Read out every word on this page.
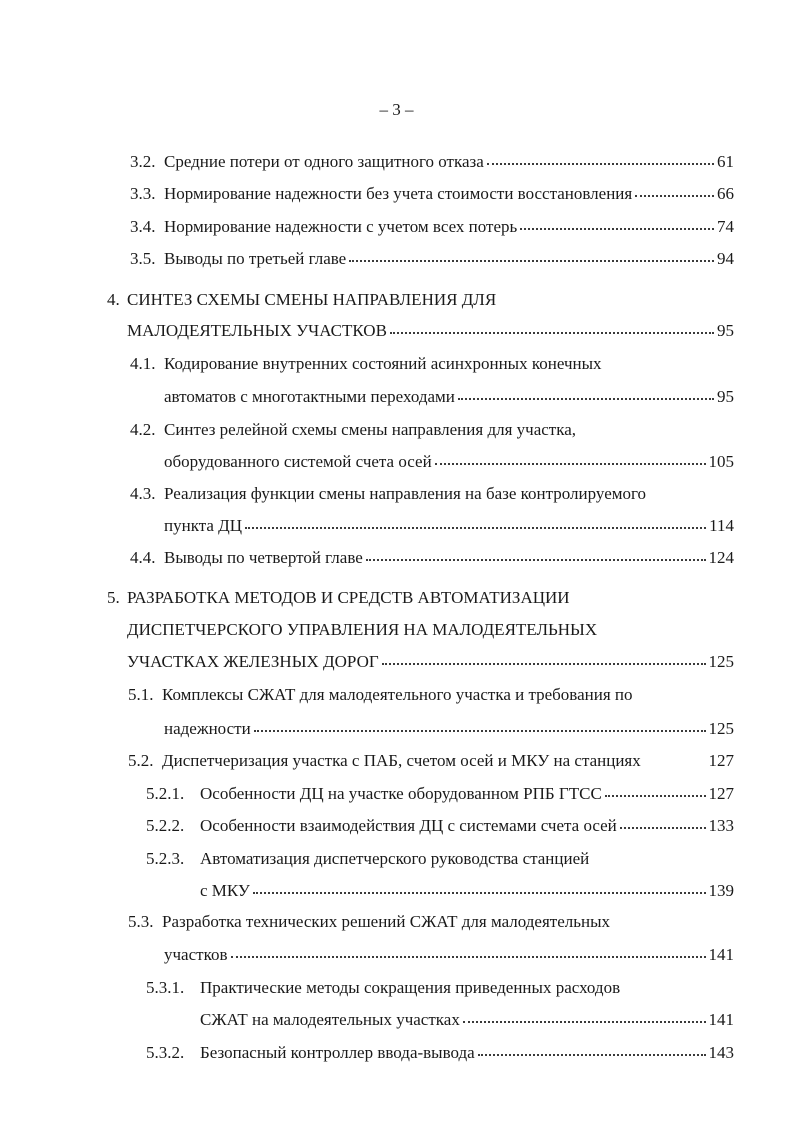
– 3 –
3.2. Средние потери от одного защитного отказа	61
3.3. Нормирование надежности без учета стоимости восстановления	66
3.4. Нормирование надежности с учетом всех потерь	74
3.5. Выводы по третьей главе	94
4. СИНТЕЗ СХЕМЫ СМЕНЫ НАПРАВЛЕНИЯ ДЛЯ
МАЛОДЕЯТЕЛЬНЫХ УЧАСТКОВ	95
4.1. Кодирование внутренних состояний асинхронных конечных
автоматов с многотактными переходами	95
4.2. Синтез релейной схемы смены направления для участка,
оборудованного системой счета осей	105
4.3. Реализация функции смены направления на базе контролируемого
пункта ДЦ	114
4.4. Выводы по четвертой главе	124
5. РАЗРАБОТКА МЕТОДОВ И СРЕДСТВ АВТОМАТИЗАЦИИ
ДИСПЕТЧЕРСКОГО УПРАВЛЕНИЯ НА МАЛОДЕЯТЕЛЬНЫХ
УЧАСТКАХ ЖЕЛЕЗНЫХ ДОРОГ	125
5.1. Комплексы СЖАТ для малодеятельного участка и требования по
надежности	125
5.2. Диспетчеризация участка с ПАБ, счетом осей и МКУ на станциях	127
5.2.1. Особенности ДЦ на участке оборудованном РПБ ГТСС	127
5.2.2. Особенности взаимодействия ДЦ с системами счета осей	133
5.2.3. Автоматизация диспетчерского руководства станцией
с МКУ	139
5.3. Разработка технических решений СЖАТ для малодеятельных
участков	141
5.3.1. Практические методы сокращения приведенных расходов
СЖАТ на малодеятельных участках	141
5.3.2. Безопасный контроллер ввода-вывода	143
